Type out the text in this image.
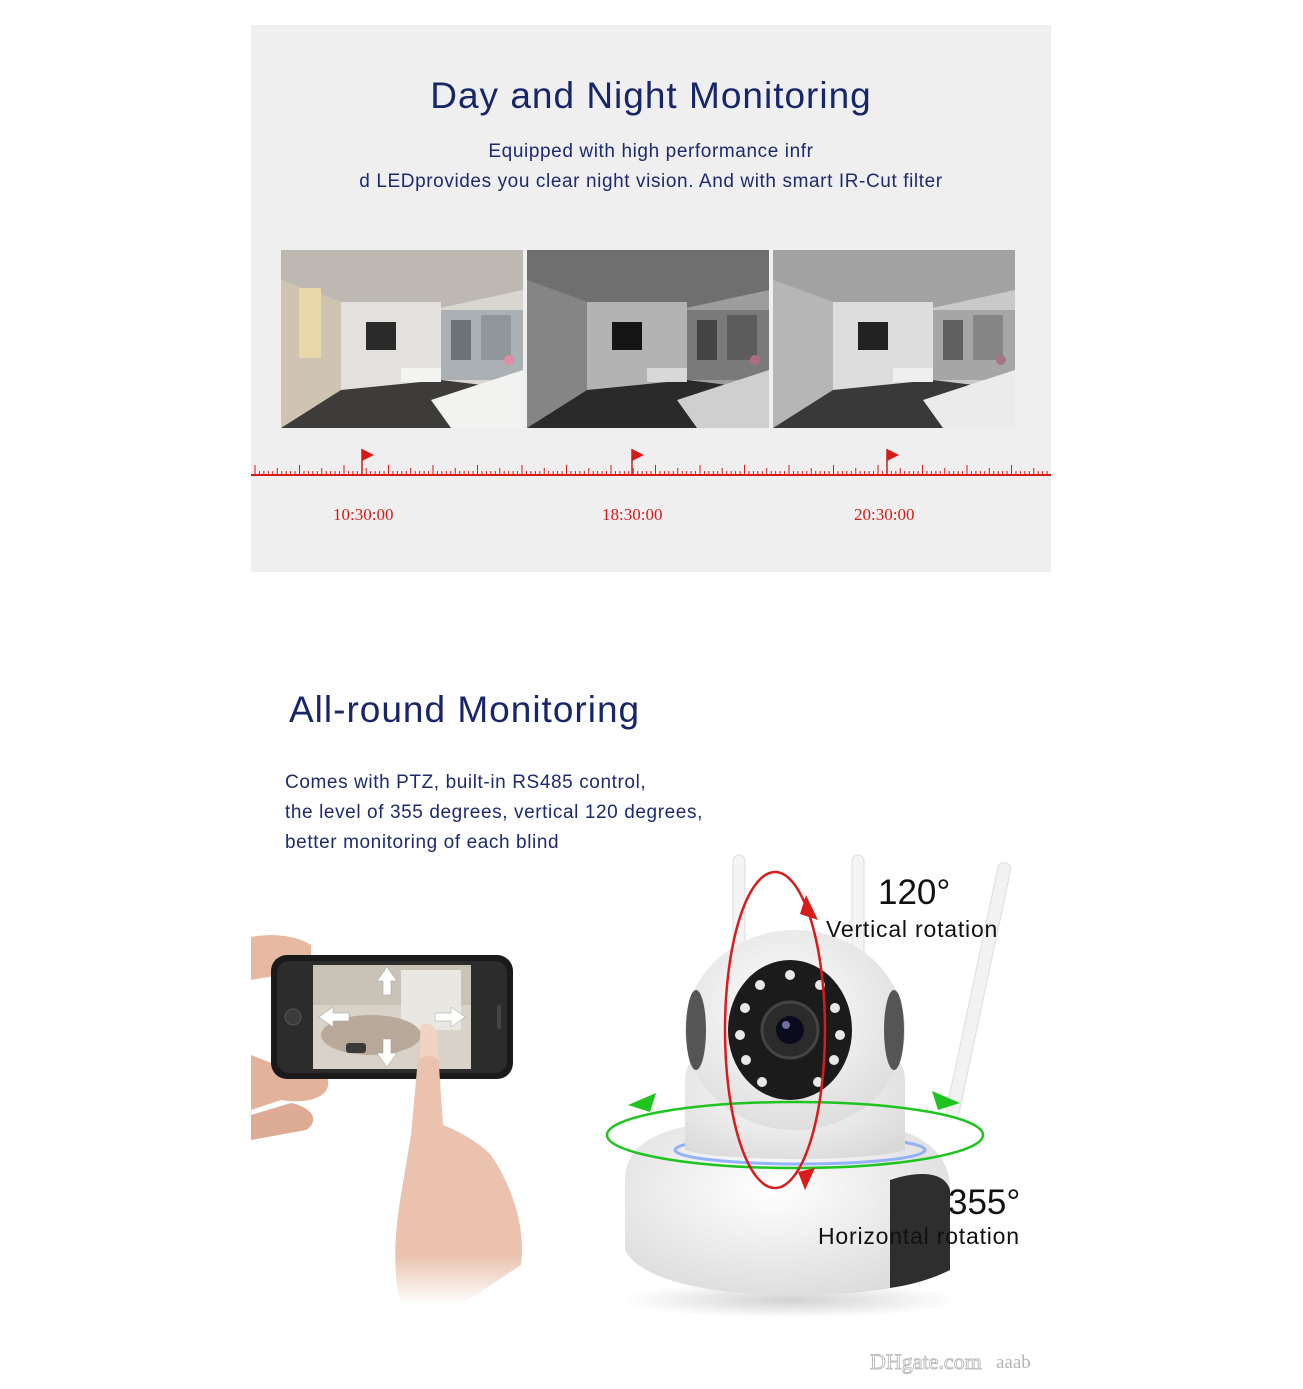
Day and Night Monitoring
Equipped with high performance infr
d LEDprovides you clear night vision. And with smart IR-Cut filter
10:30:00	18:30:00	20:30:00
All-round Monitoring
Comes with PTZ, built-in RS485 control,
the level of 355 degrees, vertical 120 degrees,
better monitoring of each blind
120°
Vertical rotation
355°
Horizontal rotation
DHgate.com aaab
